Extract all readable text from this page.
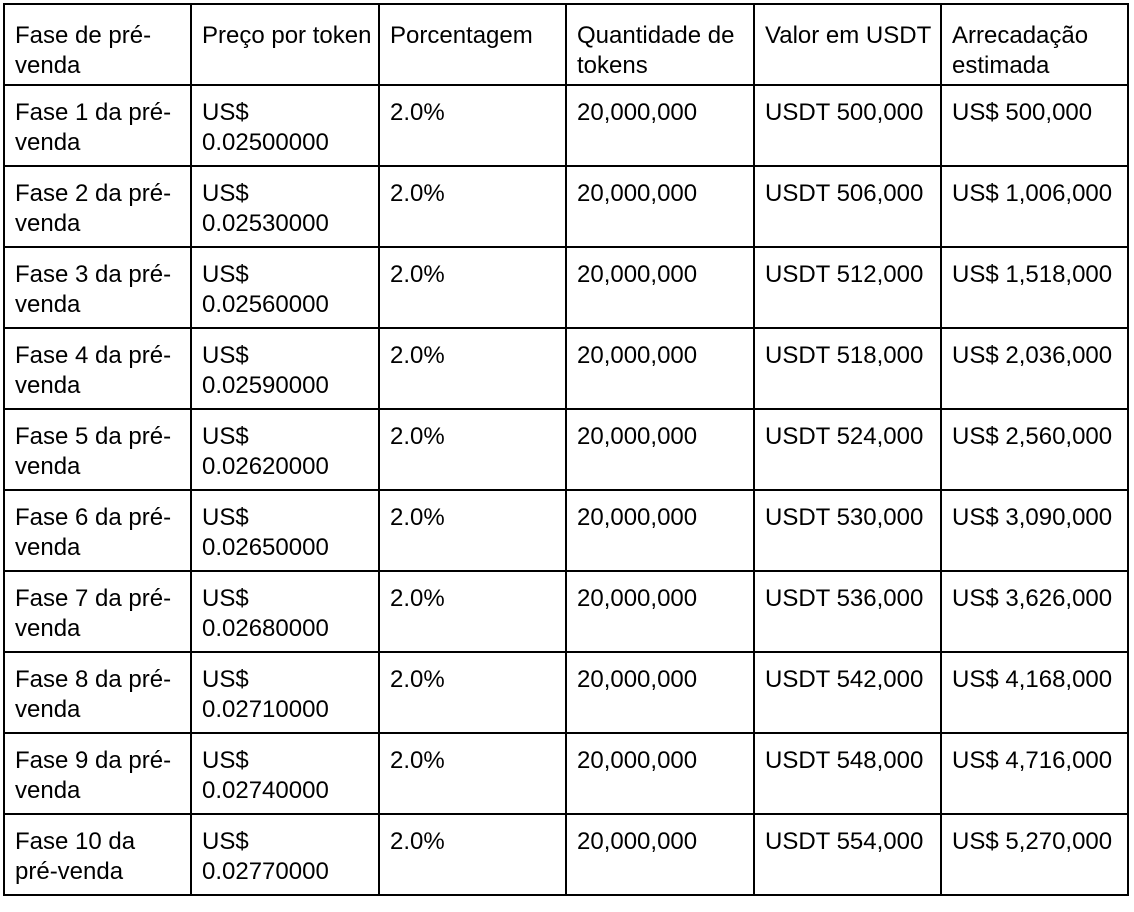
Fase de pré-venda	Preço por token	Porcentagem	Quantidade de tokens	Valor em USDT	Arrecadação estimada
Fase 1 da pré-venda	US$ 0.02500000	2.0%	20,000,000	USDT 500,000	US$ 500,000
Fase 2 da pré-venda	US$ 0.02530000	2.0%	20,000,000	USDT 506,000	US$ 1,006,000
Fase 3 da pré-venda	US$ 0.02560000	2.0%	20,000,000	USDT 512,000	US$ 1,518,000
Fase 4 da pré-venda	US$ 0.02590000	2.0%	20,000,000	USDT 518,000	US$ 2,036,000
Fase 5 da pré-venda	US$ 0.02620000	2.0%	20,000,000	USDT 524,000	US$ 2,560,000
Fase 6 da pré-venda	US$ 0.02650000	2.0%	20,000,000	USDT 530,000	US$ 3,090,000
Fase 7 da pré-venda	US$ 0.02680000	2.0%	20,000,000	USDT 536,000	US$ 3,626,000
Fase 8 da pré-venda	US$ 0.02710000	2.0%	20,000,000	USDT 542,000	US$ 4,168,000
Fase 9 da pré-venda	US$ 0.02740000	2.0%	20,000,000	USDT 548,000	US$ 4,716,000
Fase 10 da pré-venda	US$ 0.02770000	2.0%	20,000,000	USDT 554,000	US$ 5,270,000
